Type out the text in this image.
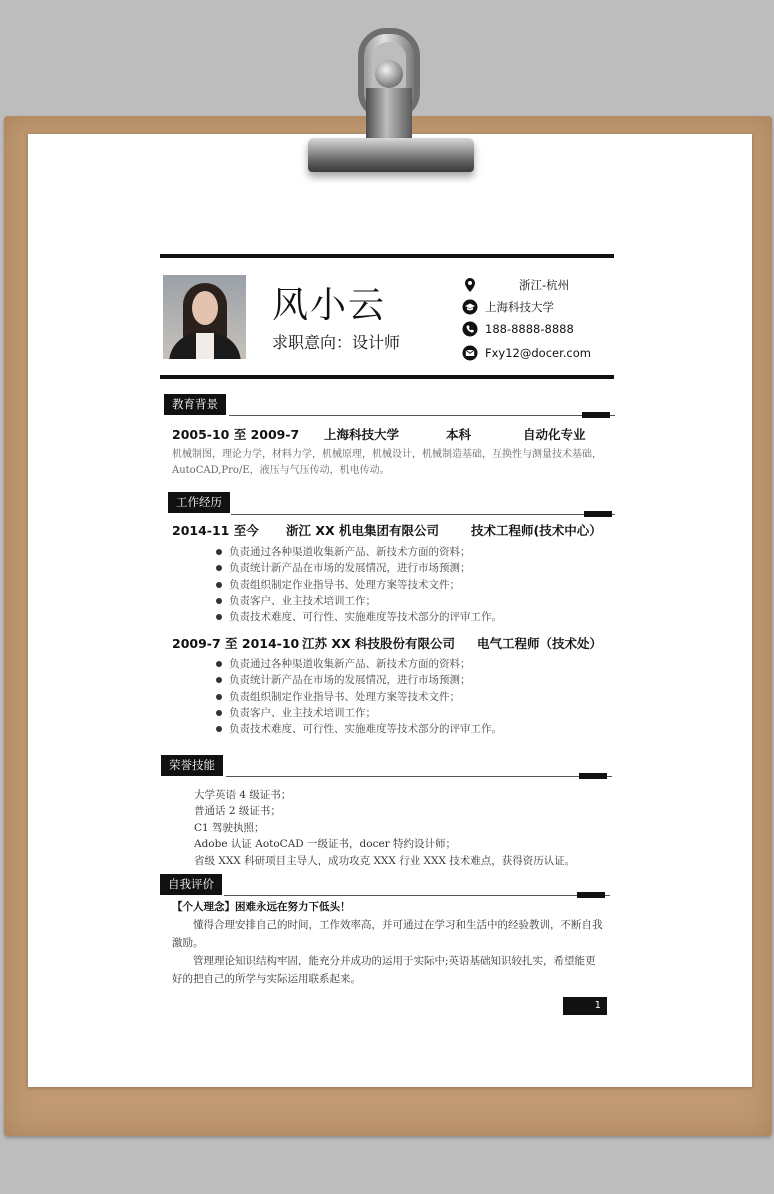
风小云
求职意向：设计师
浙江-杭州
上海科技大学
188-8888-8888
Fxy12@docer.com
教育背景
2005-10 至 2009-7 上海科技大学	本科	自动化专业
机械制图，理论力学，材料力学，机械原理，机械设计，机械制造基础，互换性与测量技术基础，
AutoCAD,Pro/E，液压与气压传动，机电传动。
工作经历
2014-11 至今 浙江 XX 机电集团有限公司	技术工程师(技术中心）
负责通过各种渠道收集新产品、新技术方面的资料；
负责统计新产品在市场的发展情况，进行市场预测；
负责组织制定作业指导书、处理方案等技术文件；
负责客户、业主技术培训工作；
负责技术难度、可行性、实施难度等技术部分的评审工作。
2009-7 至 2014-10 江苏 XX 科技股份有限公司 电气工程师（技术处）
负责通过各种渠道收集新产品、新技术方面的资料；
负责统计新产品在市场的发展情况，进行市场预测；
负责组织制定作业指导书、处理方案等技术文件；
负责客户、业主技术培训工作；
负责技术难度、可行性、实施难度等技术部分的评审工作。
荣誉技能
大学英语 4 级证书；
普通话 2 级证书；
C1 驾驶执照；
Adobe 认证 AotoCAD 一级证书，docer 特约设计师；
省级 XXX 科研项目主导人，成功攻克 XXX 行业 XXX 技术难点，获得资历认证。
自我评价
【个人理念】困难永远在努力下低头！
懂得合理安排自己的时间，工作效率高，并可通过在学习和生活中的经验教训，不断自我激励。
管理理论知识结构牢固，能充分并成功的运用于实际中;英语基础知识较扎实，希望能更好的把自己的所学与实际运用联系起来。
1
